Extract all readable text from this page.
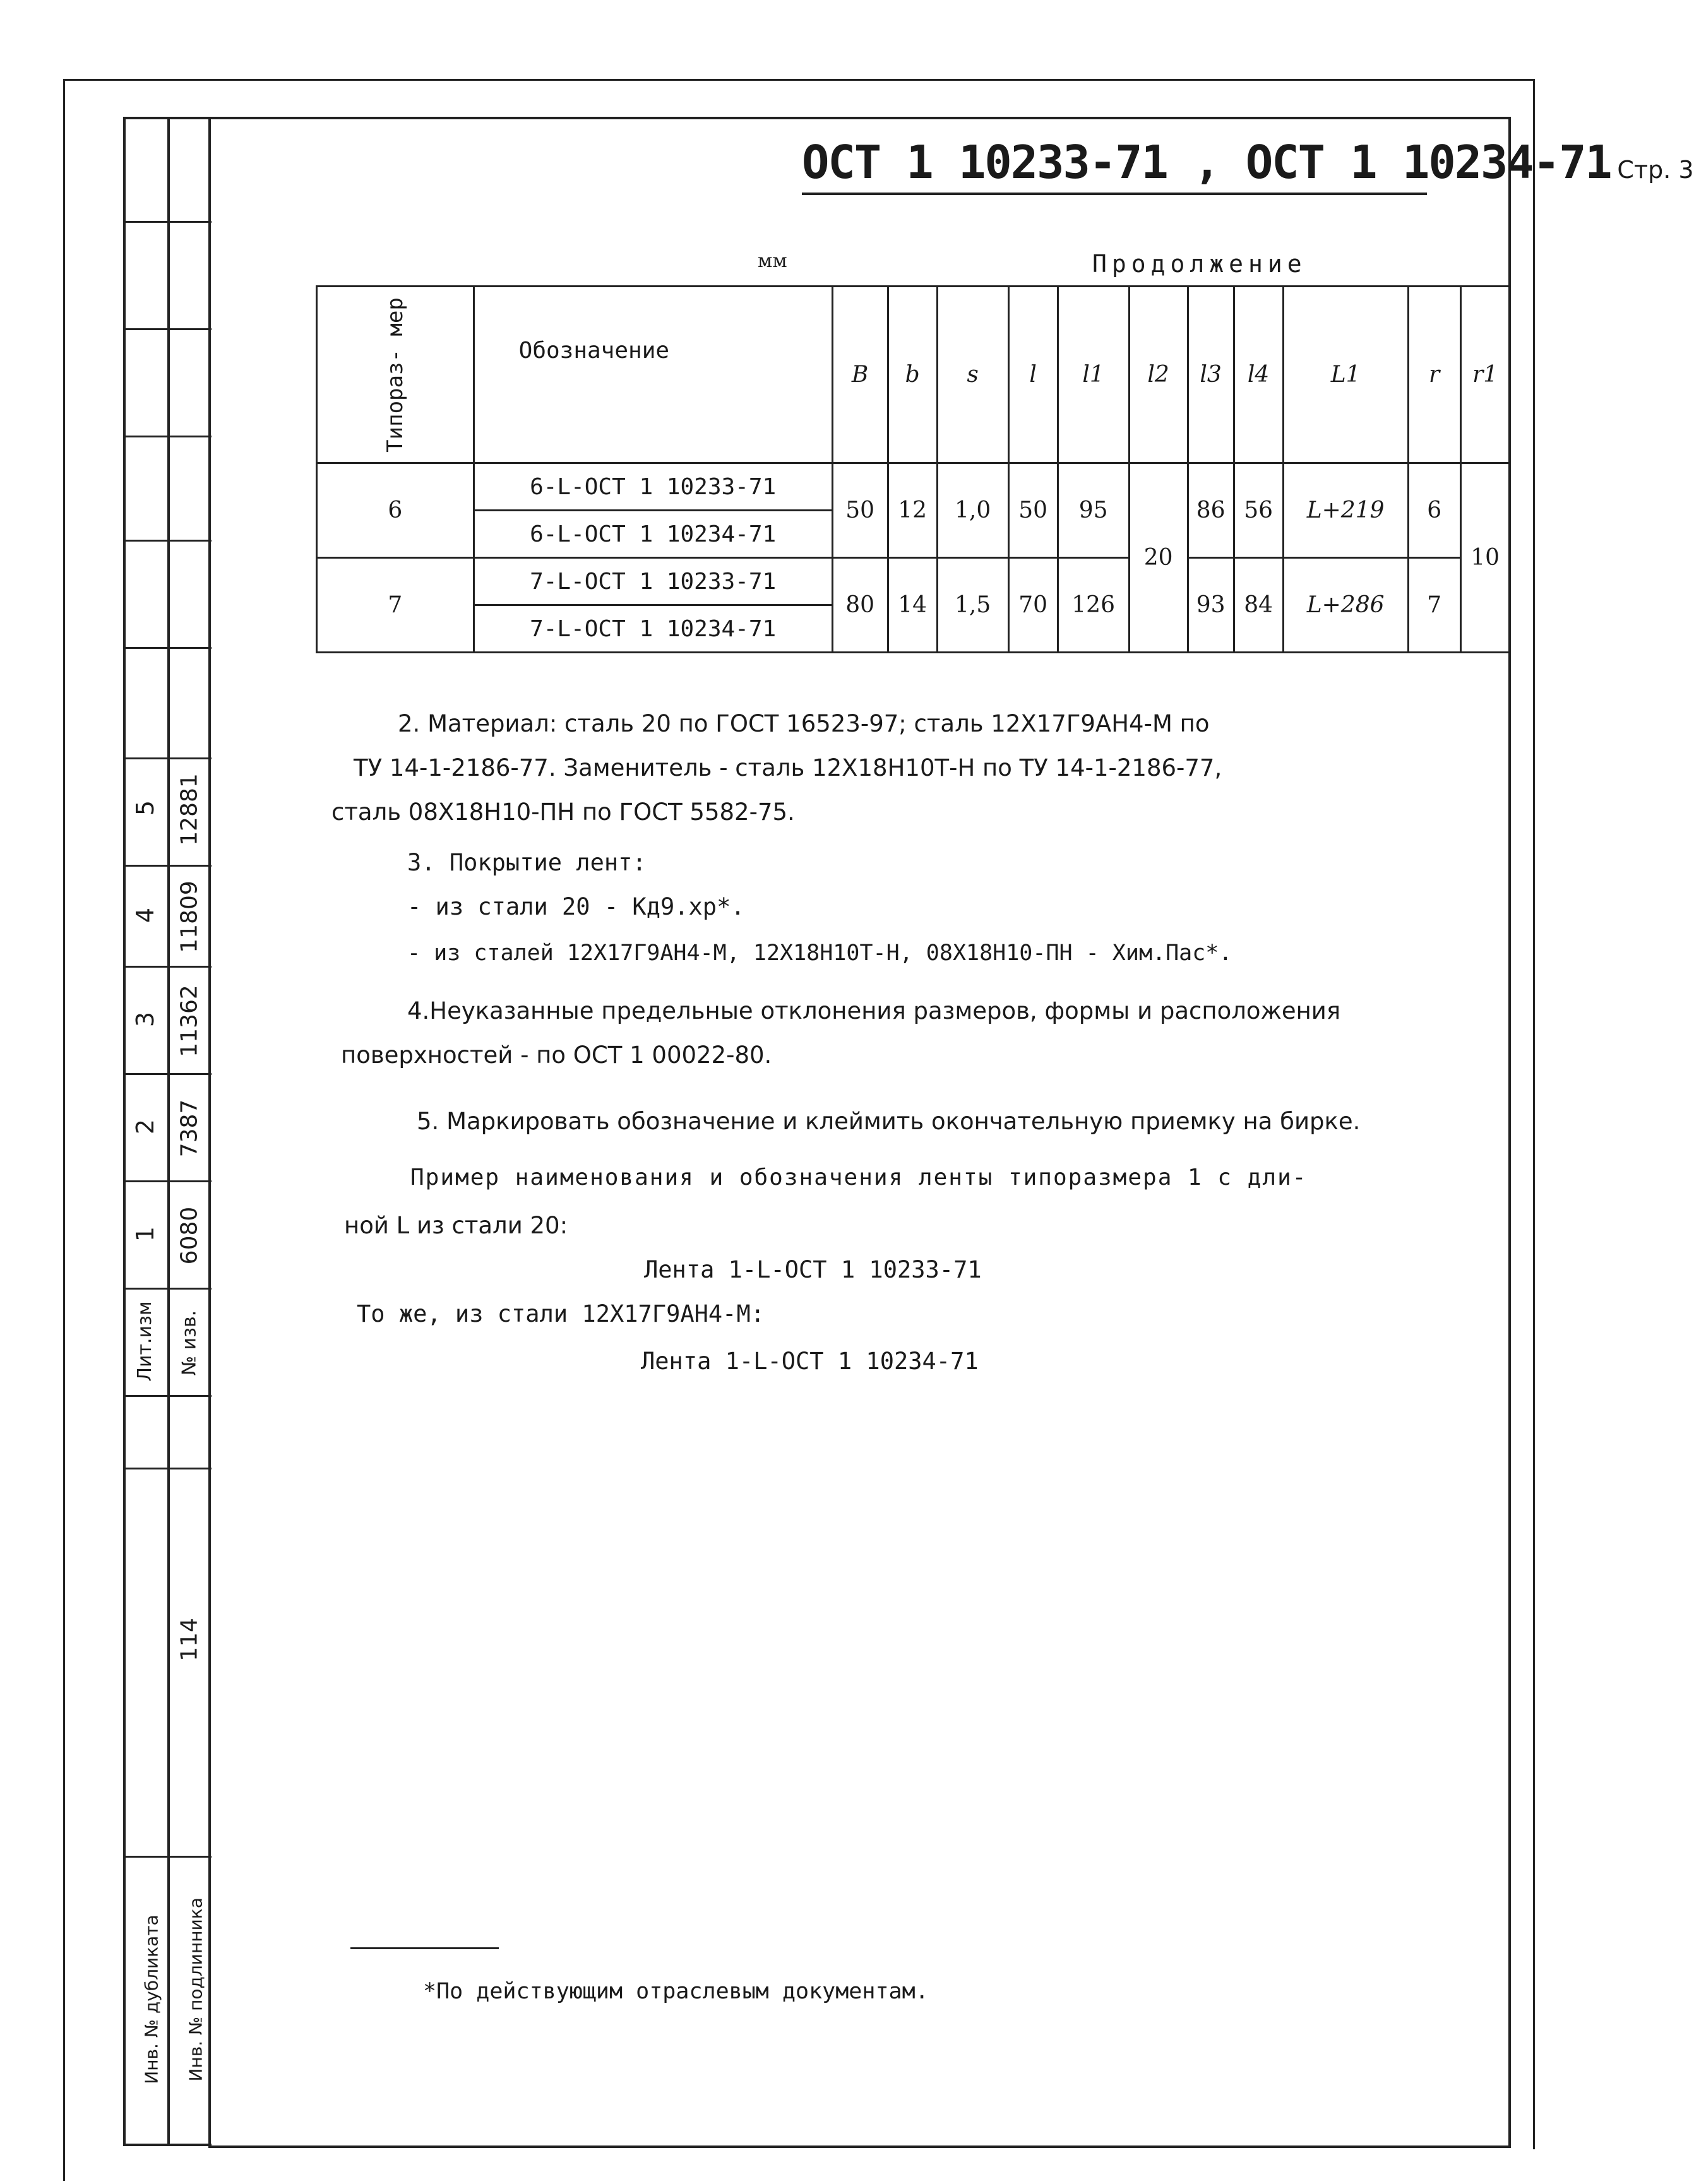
5
4
3
2
1
Лит.изм
12881
11809
11362
7387
6080
№ изв.
114
Инв. № дубликата	Инв. № подлинника
ОСТ 1 10233-71 , ОСТ 1 10234-71 Стр. 3
мм	Продолжение
Типораз- мер	Обозначение	B	b	s	l	l1	l2	l3	l4	L1	r	r1
6	6-L-ОСТ 1 10233-71	50	12	1,0	50	95	20	86	56	L+219	6	10
	6-L-ОСТ 1 10234-71											
7	7-L-ОСТ 1 10233-71	80	14	1,5	70	126		93	84	L+286	7	
	7-L-ОСТ 1 10234-71											
2. Материал: сталь 20 по ГОСТ 16523-97; сталь 12Х17Г9АН4-М по
ТУ 14-1-2186-77. Заменитель - сталь 12Х18Н10Т-Н по ТУ 14-1-2186-77,
сталь 08Х18Н10-ПН по ГОСТ 5582-75.
3. Покрытие лент:
- из стали 20 - Кд9.хр*.
- из сталей 12Х17Г9АН4-М, 12Х18Н10Т-Н, 08Х18Н10-ПН - Хим.Пас*.
4.Неуказанные предельные отклонения размеров, формы и расположения
поверхностей - по ОСТ 1 00022-80.
5. Маркировать обозначение и клеймить окончательную приемку на бирке.
Пример наименования и обозначения ленты типоразмера 1 с дли-
ной L из стали 20:
Лента 1-L-ОСТ 1 10233-71
То же, из стали 12Х17Г9АН4-М:
Лента 1-L-ОСТ 1 10234-71
*По действующим отраслевым документам.
